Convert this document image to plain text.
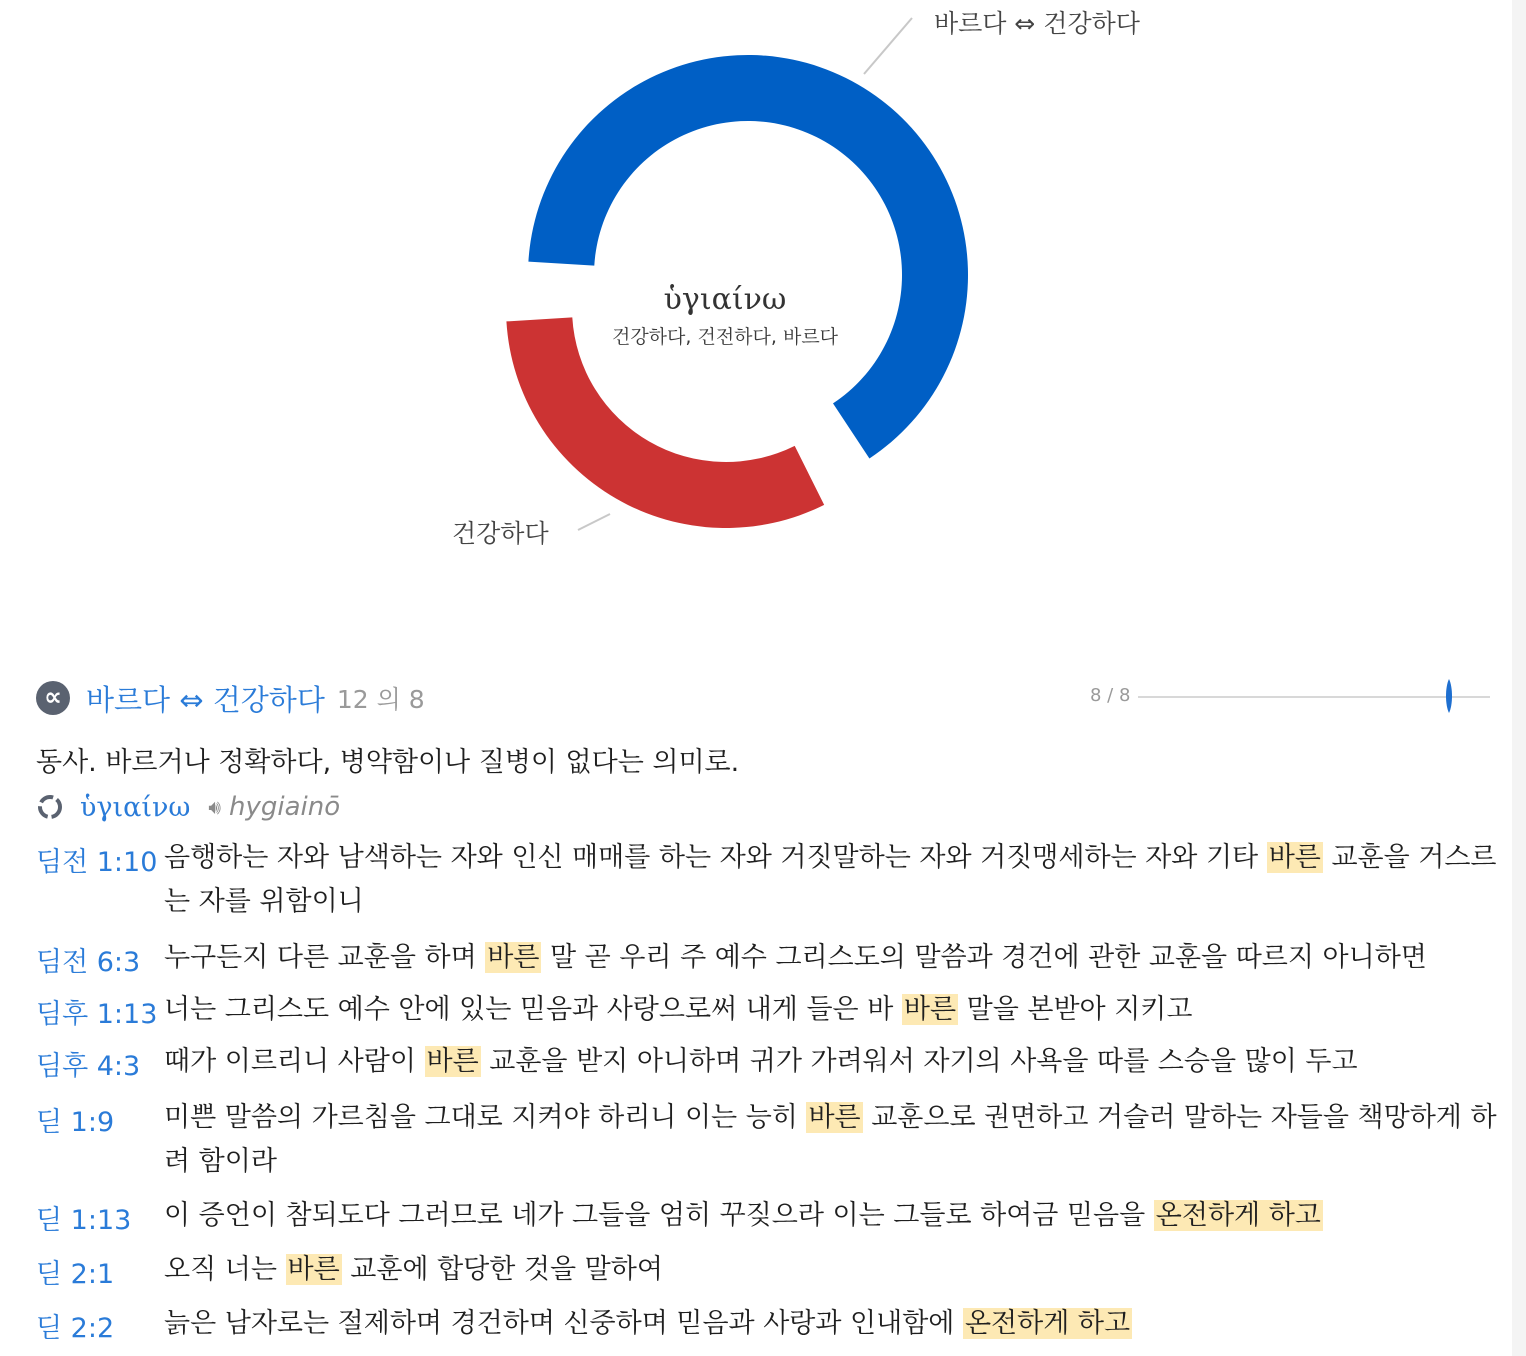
ὑγιαίνω
건강하다, 건전하다, 바르다
바르다 ⇔ 건강하다
건강하다
∝ 바르다 ⇔ 건강하다 12 의 8	8 / 8
동사. 바르거나 정확하다, 병약함이나 질병이 없다는 의미로.
ὑγιαίνω 🔊︎ hygiainō
딤전 1:10 음행하는 자와 남색하는 자와 인신 매매를 하는 자와 거짓말하는 자와 거짓맹세하는 자와 기타 바른 교훈을 거스르는 자를 위함이니
딤전 6:3 누구든지 다른 교훈을 하며 바른 말 곧 우리 주 예수 그리스도의 말씀과 경건에 관한 교훈을 따르지 아니하면
딤후 1:13 너는 그리스도 예수 안에 있는 믿음과 사랑으로써 내게 들은 바 바른 말을 본받아 지키고
딤후 4:3 때가 이르리니 사람이 바른 교훈을 받지 아니하며 귀가 가려워서 자기의 사욕을 따를 스승을 많이 두고
딛 1:9 미쁜 말씀의 가르침을 그대로 지켜야 하리니 이는 능히 바른 교훈으로 권면하고 거슬러 말하는 자들을 책망하게 하려 함이라
딛 1:13 이 증언이 참되도다 그러므로 네가 그들을 엄히 꾸짖으라 이는 그들로 하여금 믿음을 온전하게 하고
딛 2:1 오직 너는 바른 교훈에 합당한 것을 말하여
딛 2:2 늙은 남자로는 절제하며 경건하며 신중하며 믿음과 사랑과 인내함에 온전하게 하고
